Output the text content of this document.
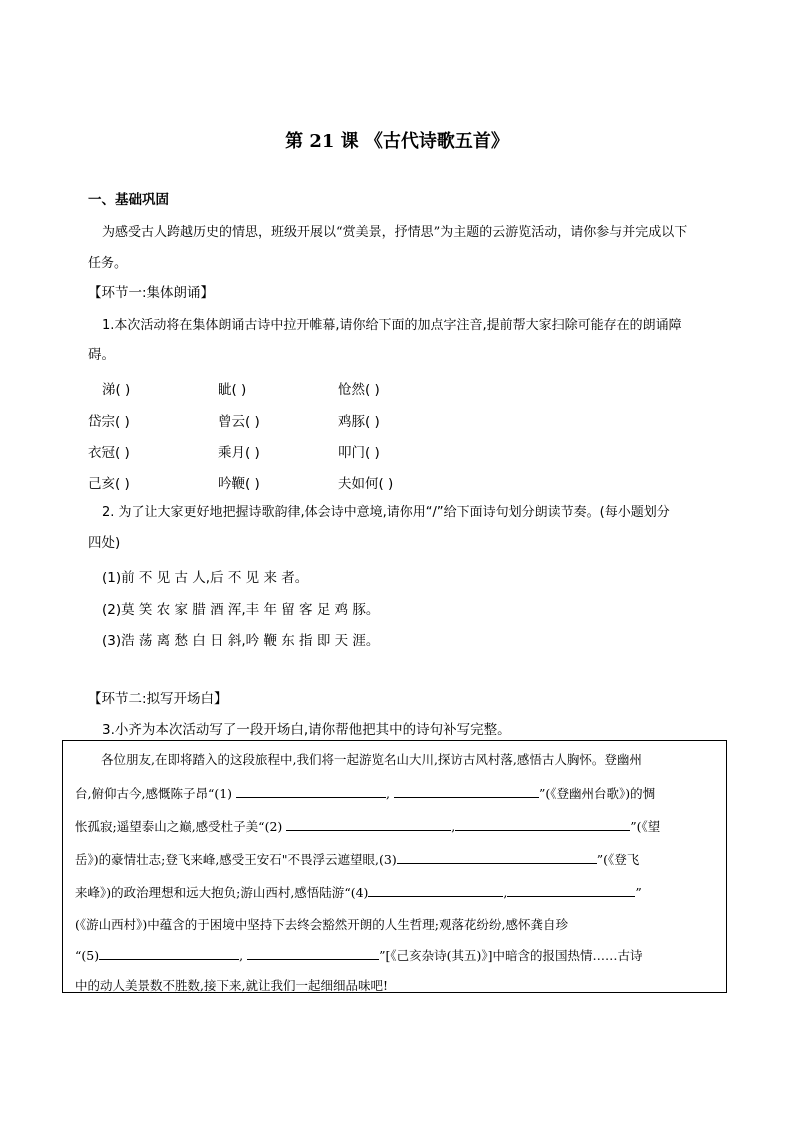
第 21 课 《古代诗歌五首》
一、基础巩固
为感受古人跨越历史的情思，班级开展以“赏美景，抒情思”为主题的云游览活动，请你参与并完成以下
任务。
【环节一:集体朗诵】
1.本次活动将在集体朗诵古诗中拉开帷幕,请你给下面的加点字注音,提前帮大家扫除可能存在的朗诵障
碍。
涕( )	眦( )	怆然( )
岱宗( )	曾云( )	鸡豚( )
衣冠( )	乘月( )	叩门( )
己亥( )	吟鞭( )	夫如何( )
2. 为了让大家更好地把握诗歌韵律,体会诗中意境,请你用“/”给下面诗句划分朗读节奏。(每小题划分
四处)
(1)前 不 见 古 人,后 不 见 来 者。
(2)莫 笑 农 家 腊 酒 浑,丰 年 留 客 足 鸡 豚。
(3)浩 荡 离 愁 白 日 斜,吟 鞭 东 指 即 天 涯。
【环节二:拟写开场白】
3.小齐为本次活动写了一段开场白,请你帮他把其中的诗句补写完整。
各位朋友,在即将踏入的这段旅程中,我们将一起游览名山大川,探访古风村落,感悟古人胸怀。登幽州
台,俯仰古今,感慨陈子昂“(1)	,	”(《登幽州台歌》)的惆
怅孤寂;遥望泰山之巅,感受杜子美“(2)	,	”(《望
岳》)的豪情壮志;登飞来峰,感受王安石"不畏浮云遮望眼,(3)	”(《登飞
来峰》)的政治理想和远大抱负;游山西村,感悟陆游“(4)	,	”
(《游山西村》)中蕴含的于困境中坚持下去终会豁然开朗的人生哲理;观落花纷纷,感怀龚自珍
“(5)	,	”[《己亥杂诗(其五)》]中暗含的报国热情……古诗
中的动人美景数不胜数,接下来,就让我们一起细细品味吧!
